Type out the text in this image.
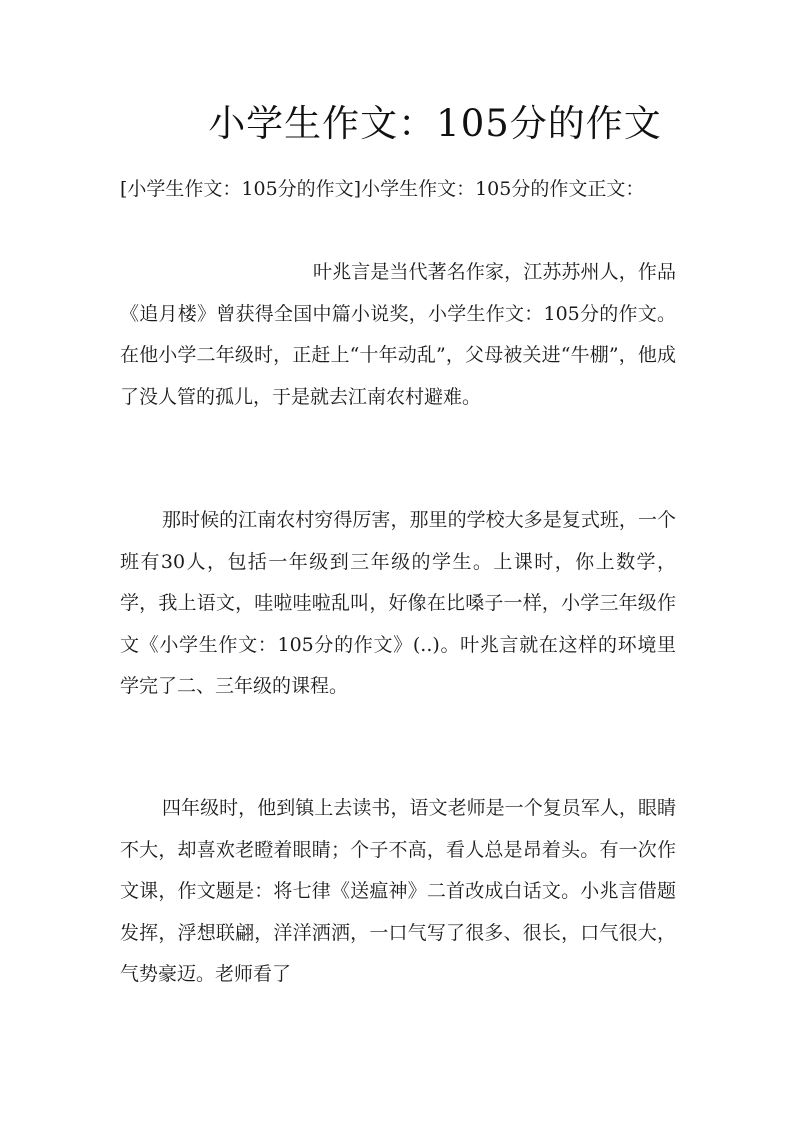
小学生作文：105分的作文
[小学生作文：105分的作文]小学生作文：105分的作文正文：
叶兆言是当代著名作家，江苏苏州人，作品《追月楼》曾获得全国中篇小说奖，小学生作文：105分的作文。在他小学二年级时，正赶上“十年动乱”，父母被关进“牛棚”，他成了没人管的孤儿，于是就去江南农村避难。
那时候的江南农村穷得厉害，那里的学校大多是复式班，一个班有30人，包括一年级到三年级的学生。上课时，你上数学，学，我上语文，哇啦哇啦乱叫，好像在比嗓子一样，小学三年级作文《小学生作文：105分的作文》(..)。叶兆言就在这样的环境里学完了二、三年级的课程。
四年级时，他到镇上去读书，语文老师是一个复员军人，眼睛不大，却喜欢老瞪着眼睛；个子不高，看人总是昂着头。有一次作文课，作文题是：将七律《送瘟神》二首改成白话文。小兆言借题发挥，浮想联翩，洋洋洒洒，一口气写了很多、很长，口气很大，气势豪迈。老师看了
